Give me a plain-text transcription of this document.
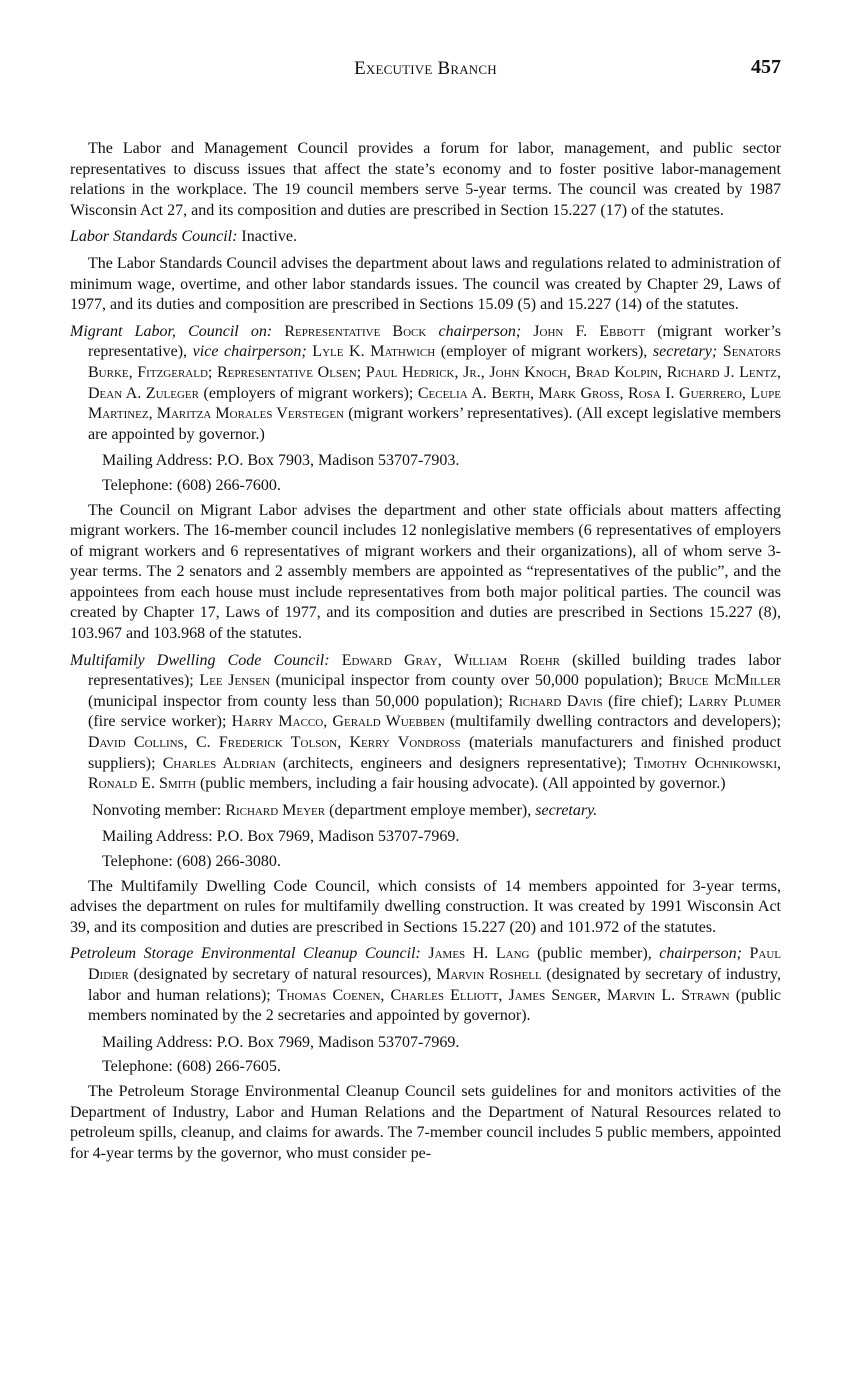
Executive Branch	457

The Labor and Management Council provides a forum for labor, management, and public sector representatives to discuss issues that affect the state’s economy and to foster positive labor-management relations in the workplace. The 19 council members serve 5-year terms. The council was created by 1987 Wisconsin Act 27, and its composition and duties are prescribed in Section 15.227 (17) of the statutes.

Labor Standards Council: Inactive.

The Labor Standards Council advises the department about laws and regulations related to administration of minimum wage, overtime, and other labor standards issues. The council was created by Chapter 29, Laws of 1977, and its duties and composition are prescribed in Sections 15.09 (5) and 15.227 (14) of the statutes.

Migrant Labor, Council on: Representative Bock chairperson; John F. Ebbott (migrant worker’s representative), vice chairperson; Lyle K. Mathwich (employer of migrant workers), secretary; Senators Burke, Fitzgerald; Representative Olsen; Paul Hedrick, Jr., John Knoch, Brad Kolpin, Richard J. Lentz, Dean A. Zuleger (employers of migrant workers); Cecelia A. Berth, Mark Gross, Rosa I. Guerrero, Lupe Martinez, Maritza Morales Verstegen (migrant workers’ representatives). (All except legislative members are appointed by governor.)

Mailing Address: P.O. Box 7903, Madison 53707-7903.

Telephone: (608) 266-7600.

The Council on Migrant Labor advises the department and other state officials about matters affecting migrant workers. The 16-member council includes 12 nonlegislative members (6 representatives of employers of migrant workers and 6 representatives of migrant workers and their organizations), all of whom serve 3-year terms. The 2 senators and 2 assembly members are appointed as “representatives of the public”, and the appointees from each house must include representatives from both major political parties. The council was created by Chapter 17, Laws of 1977, and its composition and duties are prescribed in Sections 15.227 (8), 103.967 and 103.968 of the statutes.

Multifamily Dwelling Code Council: Edward Gray, William Roehr (skilled building trades labor representatives); Lee Jensen (municipal inspector from county over 50,000 population); Bruce McMiller (municipal inspector from county less than 50,000 population); Richard Davis (fire chief); Larry Plumer (fire service worker); Harry Macco, Gerald Wuebben (multifamily dwelling contractors and developers); David Collins, C. Frederick Tolson, Kerry Vondross (materials manufacturers and finished product suppliers); Charles Aldrian (architects, engineers and designers representative); Timothy Ochnikowski, Ronald E. Smith (public members, including a fair housing advocate). (All appointed by governor.)

Nonvoting member: Richard Meyer (department employe member), secretary.

Mailing Address: P.O. Box 7969, Madison 53707-7969.

Telephone: (608) 266-3080.

The Multifamily Dwelling Code Council, which consists of 14 members appointed for 3-year terms, advises the department on rules for multifamily dwelling construction. It was created by 1991 Wisconsin Act 39, and its composition and duties are prescribed in Sections 15.227 (20) and 101.972 of the statutes.

Petroleum Storage Environmental Cleanup Council: James H. Lang (public member), chairperson; Paul Didier (designated by secretary of natural resources), Marvin Roshell (designated by secretary of industry, labor and human relations); Thomas Coenen, Charles Elliott, James Senger, Marvin L. Strawn (public members nominated by the 2 secretaries and appointed by governor).

Mailing Address: P.O. Box 7969, Madison 53707-7969.

Telephone: (608) 266-7605.

The Petroleum Storage Environmental Cleanup Council sets guidelines for and monitors activities of the Department of Industry, Labor and Human Relations and the Department of Natural Resources related to petroleum spills, cleanup, and claims for awards. The 7-member council includes 5 public members, appointed for 4-year terms by the governor, who must consider pe-
